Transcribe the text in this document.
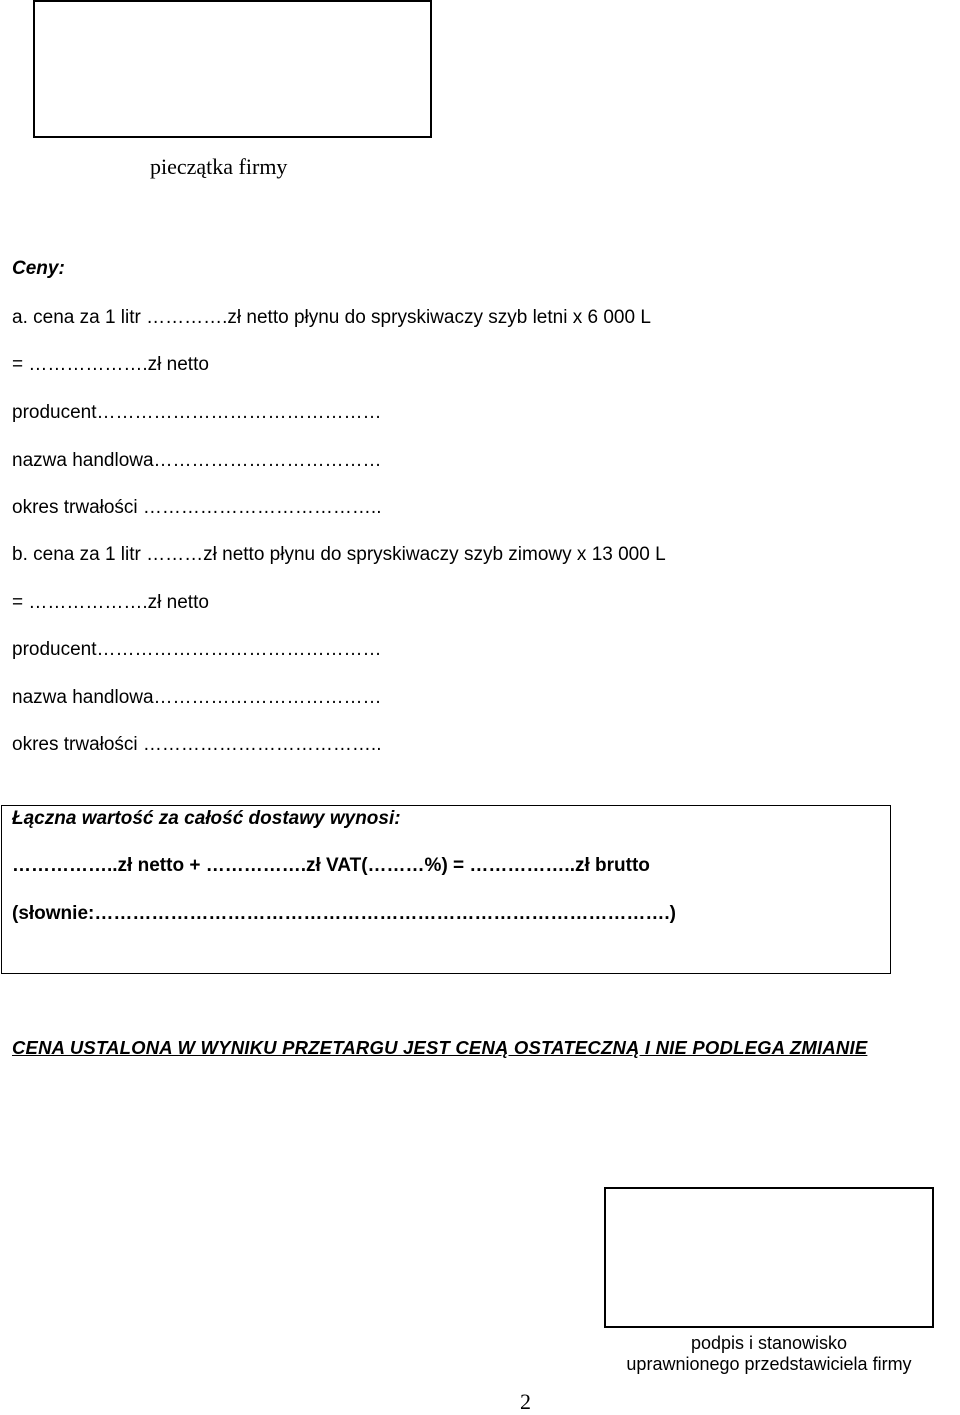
pieczątka firmy
Ceny:
a. cena za 1 litr ………….zł netto płynu do spryskiwaczy szyb letni x 6 000 L
= ……………….zł netto
producent………………………………………
nazwa handlowa………………………………
okres trwałości ………………………………..
b. cena za 1 litr ………zł netto płynu do spryskiwaczy szyb zimowy x 13 000 L
= ……………….zł netto
producent………………………………………
nazwa handlowa………………………………
okres trwałości ………………………………..
Łączna wartość za całość dostawy wynosi:
……………..zł netto + …………….zł VAT(………%) = ……………..zł brutto
(słownie:……………………………………………………………………………….)
CENA USTALONA W WYNIKU PRZETARGU JEST CENĄ OSTATECZNĄ I NIE PODLEGA ZMIANIE
podpis i stanowisko
uprawnionego przedstawiciela firmy
2
